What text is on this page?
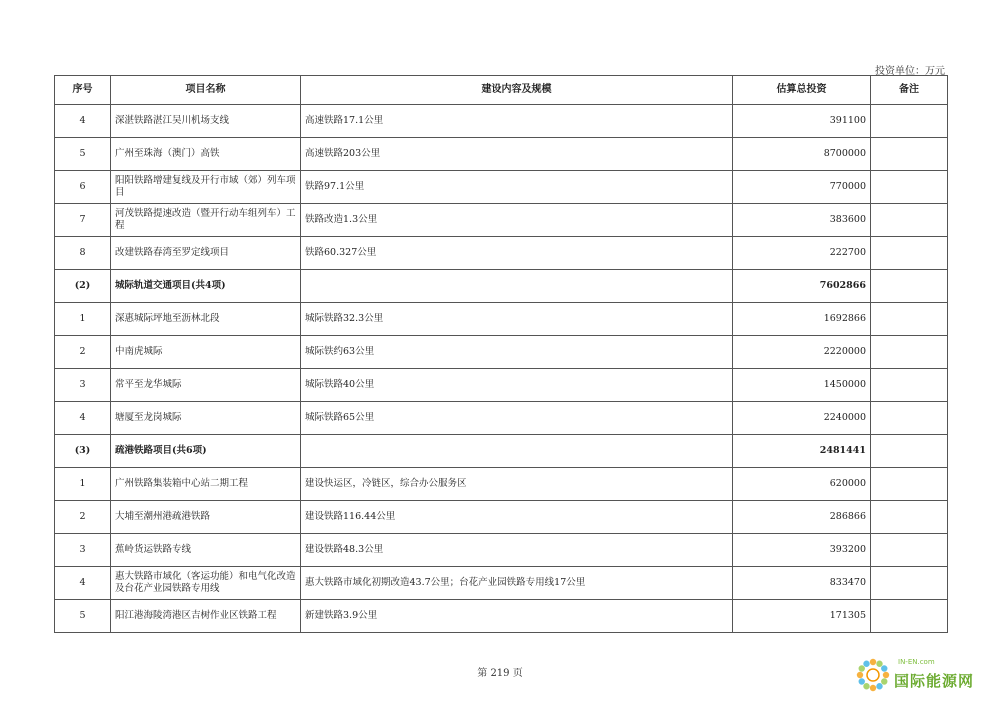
投资单位：万元
序号	项目名称	建设内容及规模	估算总投资	备注
4	深湛铁路湛江吴川机场支线	高速铁路17.1公里	391100	
5	广州至珠海（澳门）高铁	高速铁路203公里	8700000	
6	阳阳铁路增建复线及开行市域（郊）列车项目	铁路97.1公里	770000	
7	河茂铁路提速改造（暨开行动车组列车）工程	铁路改造1.3公里	383600	
8	改建铁路春湾至罗定线项目	铁路60.327公里	222700	
(2)	城际轨道交通项目(共4项)		7602866	
1	深惠城际坪地至沥林北段	城际铁路32.3公里	1692866	
2	中南虎城际	城际铁约63公里	2220000	
3	常平至龙华城际	城际铁路40公里	1450000	
4	塘厦至龙岗城际	城际铁路65公里	2240000	
(3)	疏港铁路项目(共6项)		2481441	
1	广州铁路集装箱中心站二期工程	建设快运区，冷链区，综合办公服务区	620000	
2	大埔至潮州港疏港铁路	建设铁路116.44公里	286866	
3	蕉岭货运铁路专线	建设铁路48.3公里	393200	
4	惠大铁路市域化（客运功能）和电气化改造及台花产业园铁路专用线	惠大铁路市域化初期改造43.7公里；台花产业园铁路专用线17公里	833470	
5	阳江港海陵湾港区吉树作业区铁路工程	新建铁路3.9公里	171305	
第 219 页
IN-EN.com
国际能源网
